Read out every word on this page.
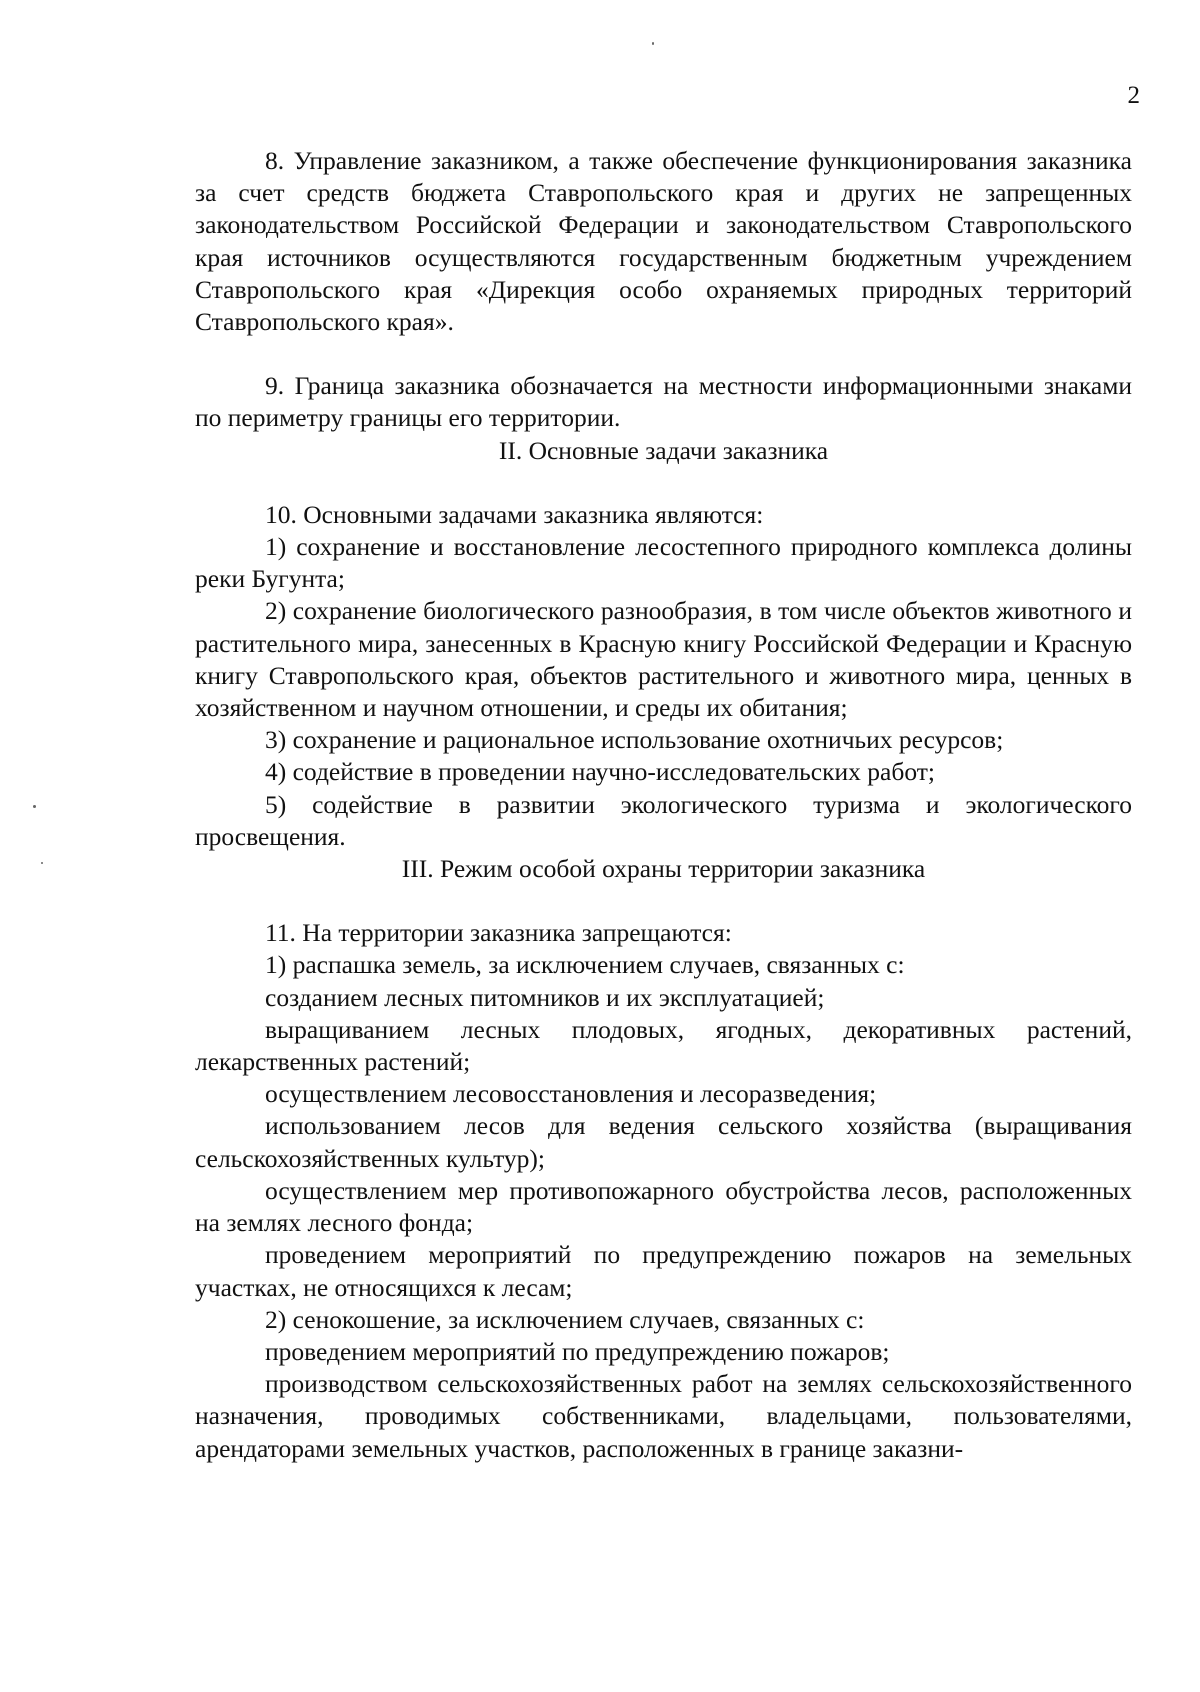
2

8. Управление заказником, а также обеспечение функционирования заказника за счет средств бюджета Ставропольского края и других не запрещенных законодательством Российской Федерации и законодательством Ставропольского края источников осуществляются государственным бюджетным учреждением Ставропольского края «Дирекция особо охраняемых природных территорий Ставропольского края».

9. Граница заказника обозначается на местности информационными знаками по периметру границы его территории.

II. Основные задачи заказника

10. Основными задачами заказника являются:

1) сохранение и восстановление лесостепного природного комплекса долины реки Бугунта;
2) сохранение биологического разнообразия, в том числе объектов животного и растительного мира, занесенных в Красную книгу Российской Федерации и Красную книгу Ставропольского края, объектов растительного и животного мира, ценных в хозяйственном и научном отношении, и среды их обитания;
3) сохранение и рациональное использование охотничьих ресурсов;
4) содействие в проведении научно-исследовательских работ;
5) содействие в развитии экологического туризма и экологического просвещения.

III. Режим особой охраны территории заказника

11. На территории заказника запрещаются:

1) распашка земель, за исключением случаев, связанных с:
созданием лесных питомников и их эксплуатацией;
выращиванием лесных плодовых, ягодных, декоративных растений, лекарственных растений;
осуществлением лесовосстановления и лесоразведения;
использованием лесов для ведения сельского хозяйства (выращивания сельскохозяйственных культур);
осуществлением мер противопожарного обустройства лесов, расположенных на землях лесного фонда;
проведением мероприятий по предупреждению пожаров на земельных участках, не относящихся к лесам;
2) сенокошение, за исключением случаев, связанных с:
проведением мероприятий по предупреждению пожаров;
производством сельскохозяйственных работ на землях сельскохозяйственного назначения, проводимых собственниками, владельцами, пользователями, арендаторами земельных участков, расположенных в границе заказни-
